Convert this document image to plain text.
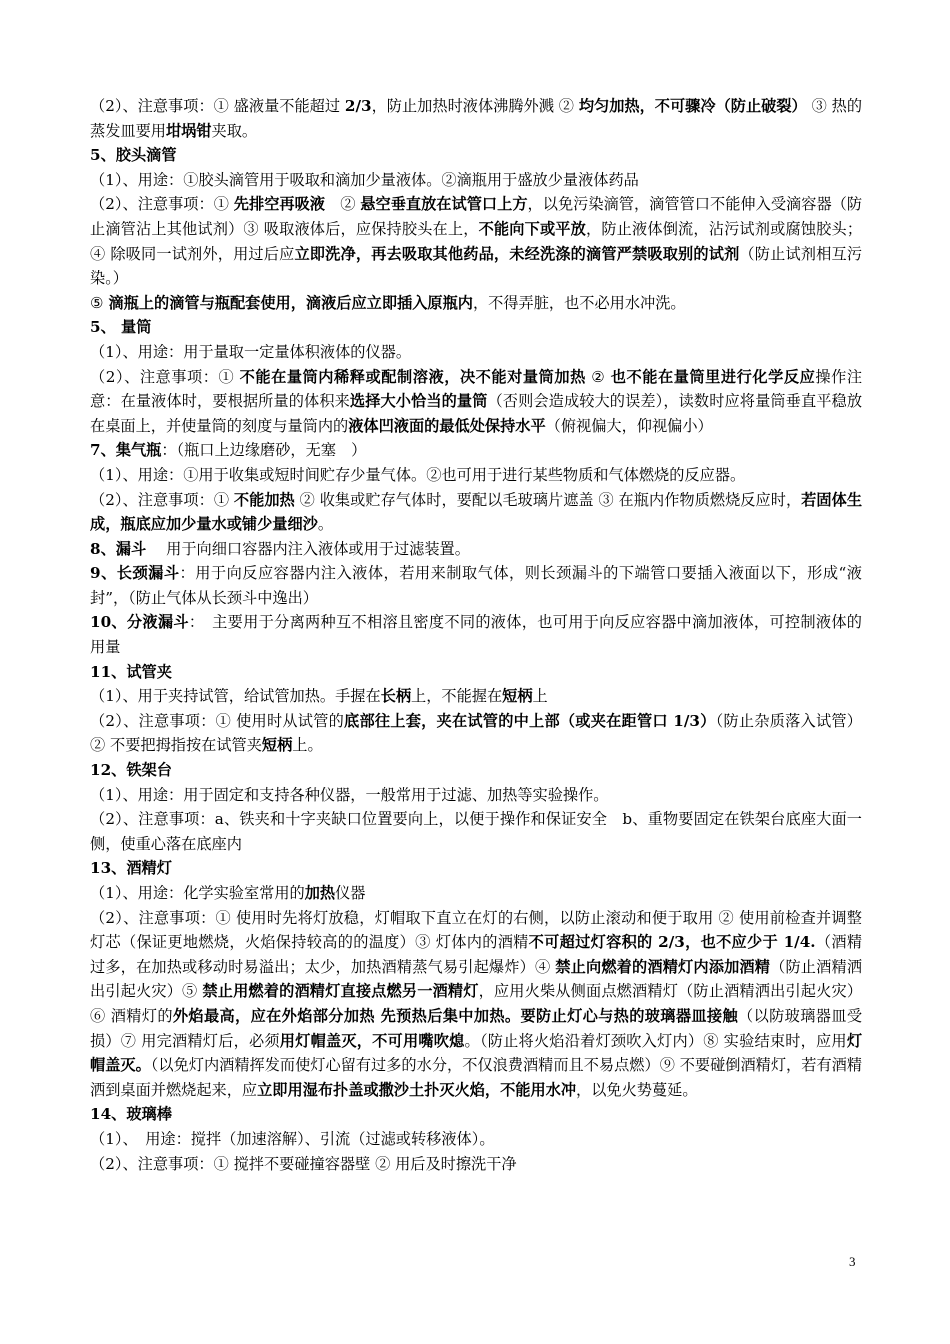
（2）、注意事项：① 盛液量不能超过 2/3，防止加热时液体沸腾外溅 ② 均匀加热，不可骤冷（防止破裂） ③ 热的蒸发皿要用坩埚钳夹取。

5、胶头滴管

（1）、用途：①胶头滴管用于吸取和滴加少量液体。②滴瓶用于盛放少量液体药品

（2）、注意事项：① 先排空再吸液　② 悬空垂直放在试管口上方，以免污染滴管，滴管管口不能伸入受滴容器（防止滴管沾上其他试剂）③ 吸取液体后，应保持胶头在上，不能向下或平放，防止液体倒流，沾污试剂或腐蚀胶头；④ 除吸同一试剂外，用过后应立即洗净，再去吸取其他药品，未经洗涤的滴管严禁吸取别的试剂（防止试剂相互污染。）

⑤ 滴瓶上的滴管与瓶配套使用，滴液后应立即插入原瓶内，不得弄脏，也不必用水冲洗。

5、 量筒

（1）、用途：用于量取一定量体积液体的仪器。

（2）、注意事项：① 不能在量筒内稀释或配制溶液，决不能对量筒加热 ② 也不能在量筒里进行化学反应操作注意：在量液体时，要根据所量的体积来选择大小恰当的量筒（否则会造成较大的误差），读数时应将量筒垂直平稳放在桌面上，并使量筒的刻度与量筒内的液体凹液面的最低处保持水平（俯视偏大，仰视偏小）

7、集气瓶：（瓶口上边缘磨砂，无塞　）

（1）、用途：①用于收集或短时间贮存少量气体。②也可用于进行某些物质和气体燃烧的反应器。

（2）、注意事项：① 不能加热 ② 收集或贮存气体时，要配以毛玻璃片遮盖 ③ 在瓶内作物质燃烧反应时，若固体生成，瓶底应加少量水或铺少量细沙。

8、漏斗　 用于向细口容器内注入液体或用于过滤装置。

9、长颈漏斗：用于向反应容器内注入液体，若用来制取气体，则长颈漏斗的下端管口要插入液面以下，形成“液封”，（防止气体从长颈斗中逸出）

10、分液漏斗：　主要用于分离两种互不相溶且密度不同的液体，也可用于向反应容器中滴加液体，可控制液体的用量

11、试管夹

（1）、用于夹持试管，给试管加热。手握在长柄上，不能握在短柄上

（2）、注意事项：① 使用时从试管的底部往上套，夹在试管的中上部（或夹在距管口 1/3）（防止杂质落入试管） ② 不要把拇指按在试管夹短柄上。

12、铁架台

（1）、用途：用于固定和支持各种仪器，一般常用于过滤、加热等实验操作。

（2）、注意事项：a、铁夹和十字夹缺口位置要向上，以便于操作和保证安全　b、重物要固定在铁架台底座大面一侧，使重心落在底座内

13、酒精灯

（1）、用途：化学实验室常用的加热仪器

（2）、注意事项：① 使用时先将灯放稳，灯帽取下直立在灯的右侧，以防止滚动和便于取用 ② 使用前检查并调整灯芯（保证更地燃烧，火焰保持较高的的温度）③ 灯体内的酒精不可超过灯容积的 2/3，也不应少于 1/4.（酒精过多，在加热或移动时易溢出；太少，加热酒精蒸气易引起爆炸）④ 禁止向燃着的酒精灯内添加酒精（防止酒精洒出引起火灾）⑤ 禁止用燃着的酒精灯直接点燃另一酒精灯，应用火柴从侧面点燃酒精灯（防止酒精洒出引起火灾）⑥ 酒精灯的外焰最高，应在外焰部分加热 先预热后集中加热。要防止灯心与热的玻璃器皿接触（以防玻璃器皿受损）⑦ 用完酒精灯后，必须用灯帽盖灭，不可用嘴吹熄。（防止将火焰沿着灯颈吹入灯内）⑧ 实验结束时，应用灯帽盖灭。（以免灯内酒精挥发而使灯心留有过多的水分，不仅浪费酒精而且不易点燃）⑨ 不要碰倒酒精灯，若有酒精洒到桌面并燃烧起来，应立即用湿布扑盖或撒沙土扑灭火焰，不能用水冲，以免火势蔓延。

14、玻璃棒

（1）、　用途：搅拌（加速溶解）、引流（过滤或转移液体）。

（2）、注意事项：① 搅拌不要碰撞容器壁 ② 用后及时擦洗干净

3
